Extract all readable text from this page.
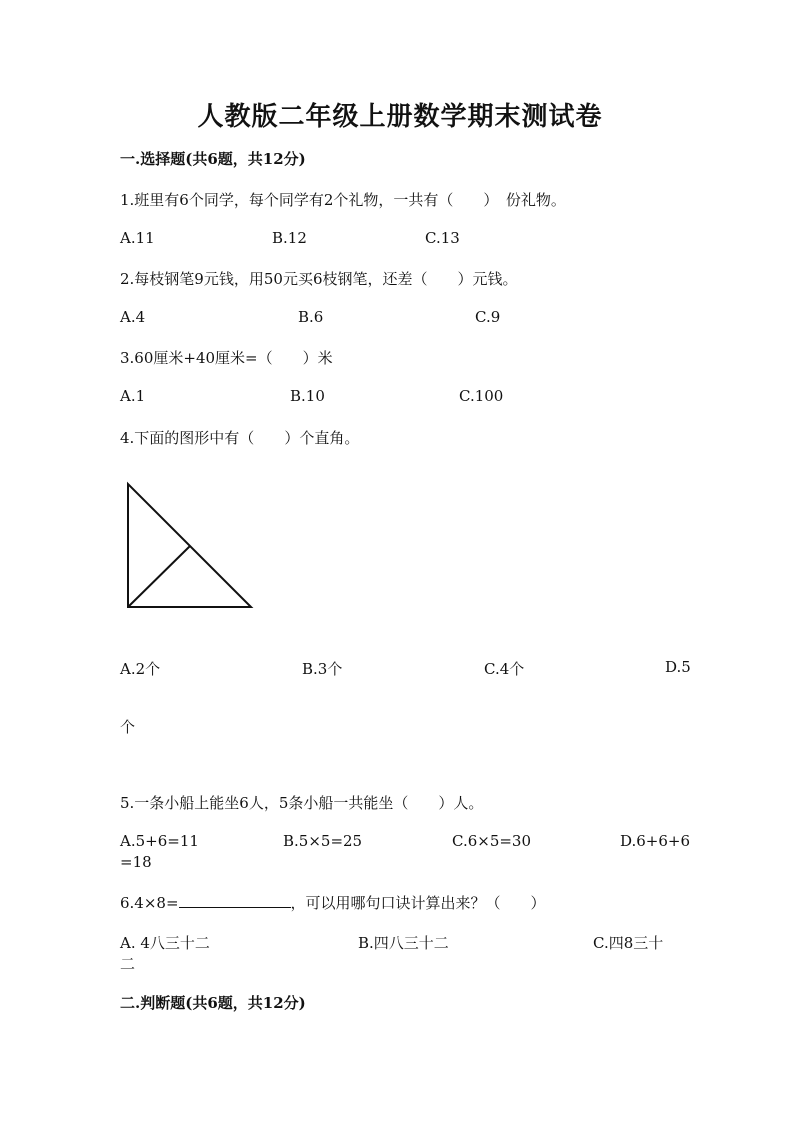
人教版二年级上册数学期末测试卷
一.选择题(共6题，共12分)
1.班里有6个同学，每个同学有2个礼物，一共有（　　）　份礼物。
A.11	B.12	C.13
2.每枝钢笔9元钱，用50元买6枝钢笔，还差（　　）元钱。
A.4	B.6	C.9
3.60厘米+40厘米=（　　）米
A.1	B.10	C.100
4.下面的图形中有（　　）个直角。
A.2个	B.3个	C.4个	D.5
个
5.一条小船上能坐6人，5条小船一共能坐（　　）人。
A.5+6=11	B.5×5=25	C.6×5=30	D.6+6+6
=18
6.4×8=	，可以用哪句口诀计算出来？（　　）
A. 4八三十二	B.四八三十二	C.四8三十
二
二.判断题(共6题，共12分)
